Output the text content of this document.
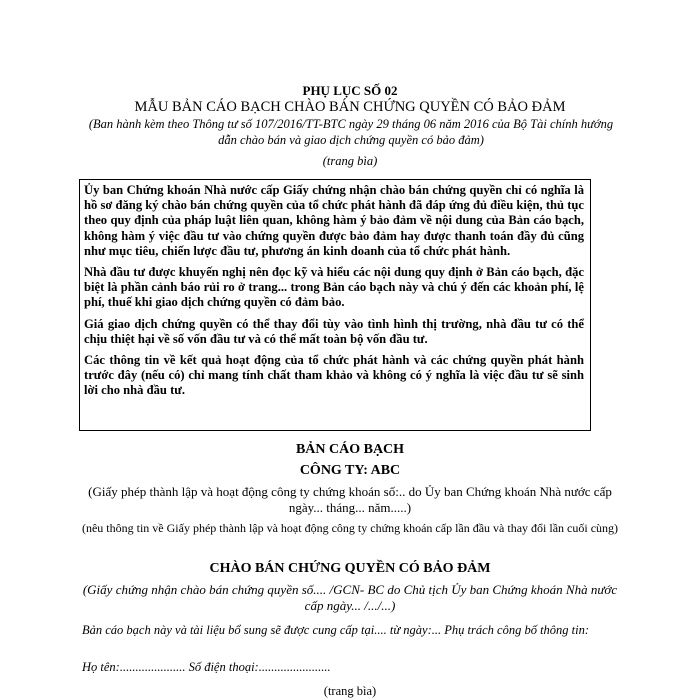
PHỤ LỤC SỐ 02
MẪU BẢN CÁO BẠCH CHÀO BÁN CHỨNG QUYỀN CÓ BẢO ĐẢM
(Ban hành kèm theo Thông tư số 107/2016/TT-BTC ngày 29 tháng 06 năm 2016 của Bộ Tài chính hướng dẫn chào bán và giao dịch chứng quyền có bảo đảm)
(trang bìa)

Ủy ban Chứng khoán Nhà nước cấp Giấy chứng nhận chào bán chứng quyền chỉ có nghĩa là hồ sơ đăng ký chào bán chứng quyền của tổ chức phát hành đã đáp ứng đủ điều kiện, thủ tục theo quy định của pháp luật liên quan, không hàm ý bảo đảm về nội dung của Bản cáo bạch, không hàm ý việc đầu tư vào chứng quyền được bảo đảm hay được thanh toán đầy đủ cũng như mục tiêu, chiến lược đầu tư, phương án kinh doanh của tổ chức phát hành.

Nhà đầu tư được khuyến nghị nên đọc kỹ và hiểu các nội dung quy định ở Bản cáo bạch, đặc biệt là phần cảnh báo rủi ro ở trang... trong Bản cáo bạch này và chú ý đến các khoản phí, lệ phí, thuế khi giao dịch chứng quyền có đảm bảo.

Giá giao dịch chứng quyền có thể thay đổi tùy vào tình hình thị trường, nhà đầu tư có thể chịu thiệt hại về số vốn đầu tư và có thể mất toàn bộ vốn đầu tư.

Các thông tin về kết quả hoạt động của tổ chức phát hành và các chứng quyền phát hành trước đây (nếu có) chỉ mang tính chất tham khảo và không có ý nghĩa là việc đầu tư sẽ sinh lời cho nhà đầu tư.

BẢN CÁO BẠCH
CÔNG TY: ABC
(Giấy phép thành lập và hoạt động công ty chứng khoán số:.. do Ủy ban Chứng khoán Nhà nước cấp ngày... tháng... năm.....)
(nêu thông tin về Giấy phép thành lập và hoạt động công ty chứng khoán cấp lần đầu và thay đổi lần cuối cùng)
CHÀO BÁN CHỨNG QUYỀN CÓ BẢO ĐẢM
(Giấy chứng nhận chào bán chứng quyền số.... /GCN- BC do Chủ tịch Ủy ban Chứng khoán Nhà nước cấp ngày... /.../...)
Bản cáo bạch này và tài liệu bổ sung sẽ được cung cấp tại.... từ ngày:... Phụ trách công bố thông tin:
Họ tên:..................... Số điện thoại:.......................
(trang bìa)
